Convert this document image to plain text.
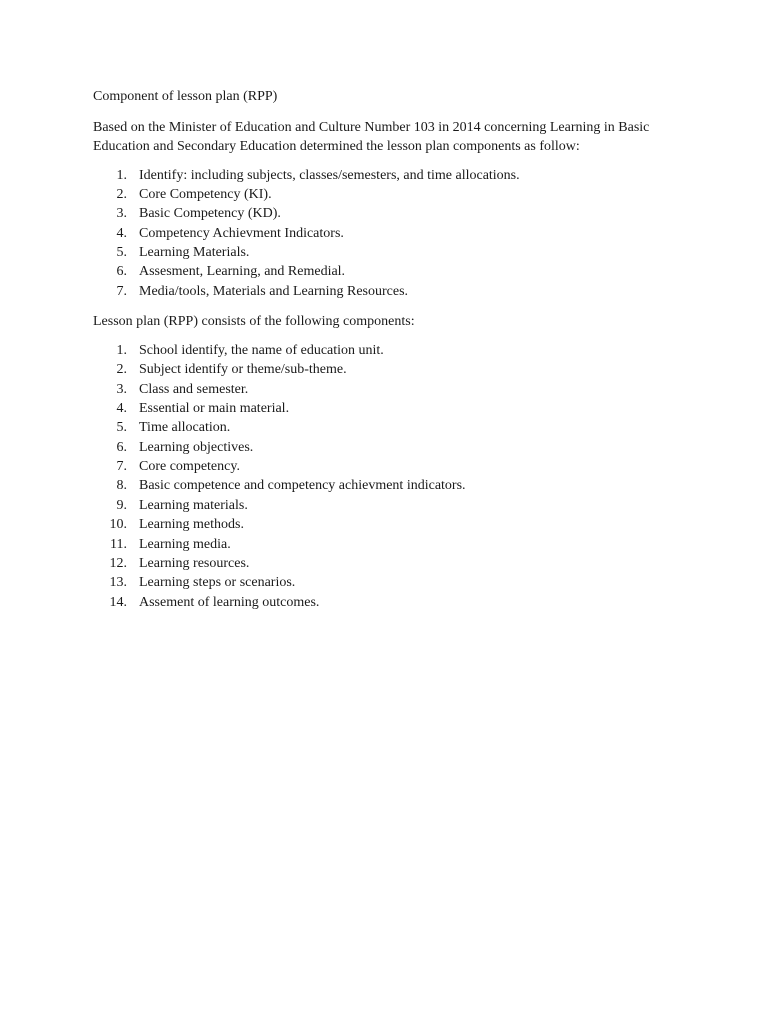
Component of lesson plan (RPP)

Based on the Minister of Education and Culture Number 103 in 2014 concerning Learning in Basic Education and Secondary Education determined the lesson plan components as follow:

1. Identify: including subjects, classes/semesters, and time allocations.
2. Core Competency (KI).
3. Basic Competency (KD).
4. Competency Achievment Indicators.
5. Learning Materials.
6. Assesment, Learning, and Remedial.
7. Media/tools, Materials and Learning Resources.

Lesson plan (RPP) consists of the following components:

1. School identify, the name of education unit.
2. Subject identify or theme/sub-theme.
3. Class and semester.
4. Essential or main material.
5. Time allocation.
6. Learning objectives.
7. Core competency.
8. Basic competence and competency achievment indicators.
9. Learning materials.
10. Learning methods.
11. Learning media.
12. Learning resources.
13. Learning steps or scenarios.
14. Assement of learning outcomes.
